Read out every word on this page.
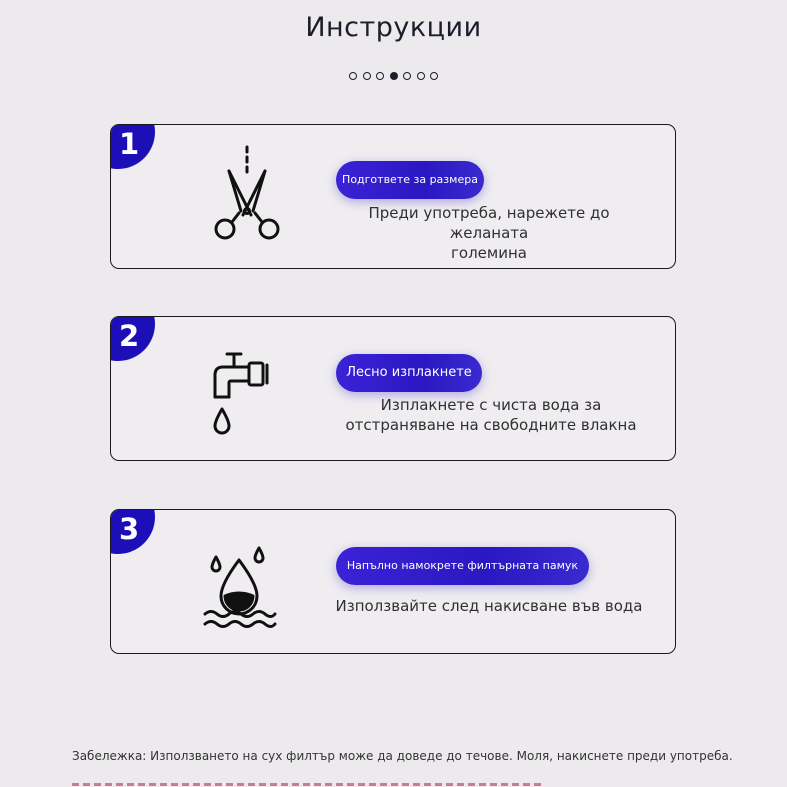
Инструкции
1
Подгответе за размера
Преди употреба, нарежете до желаната
големина
2
Лесно изплакнете
Изплакнете с чиста вода за
отстраняване на свободните влакна
3
Напълно намокрете филтърната памук
Използвайте след накисване във вода
Забележка: Използването на сух филтър може да доведе до течове. Моля, накиснете преди употреба.
